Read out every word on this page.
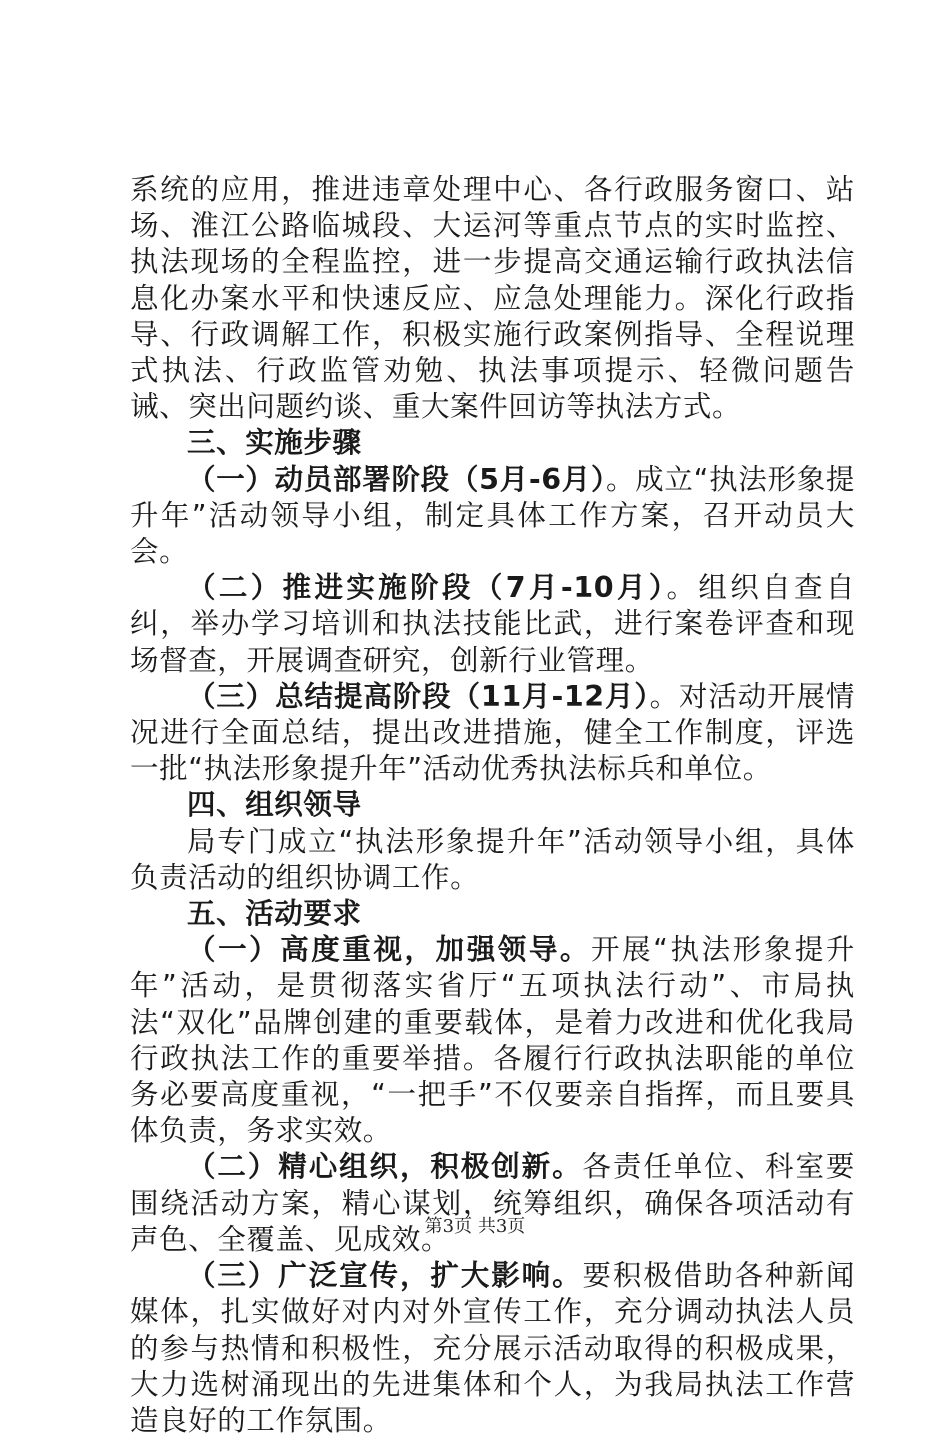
系统的应用，推进违章处理中心、各行政服务窗口、站场、淮江公路临城段、大运河等重点节点的实时监控、执法现场的全程监控，进一步提高交通运输行政执法信息化办案水平和快速反应、应急处理能力。深化行政指导、行政调解工作，积极实施行政案例指导、全程说理式执法、行政监管劝勉、执法事项提示、轻微问题告诫、突出问题约谈、重大案件回访等执法方式。

三、实施步骤

（一）动员部署阶段（5月-6月）。成立“执法形象提升年”活动领导小组，制定具体工作方案，召开动员大会。

（二）推进实施阶段（7月-10月）。组织自查自纠，举办学习培训和执法技能比武，进行案卷评查和现场督查，开展调查研究，创新行业管理。

（三）总结提高阶段（11月-12月）。对活动开展情况进行全面总结，提出改进措施，健全工作制度，评选一批“执法形象提升年”活动优秀执法标兵和单位。

四、组织领导

局专门成立“执法形象提升年”活动领导小组，具体负责活动的组织协调工作。

五、活动要求

（一）高度重视，加强领导。开展“执法形象提升年”活动，是贯彻落实省厅“五项执法行动”、市局执法“双化”品牌创建的重要载体，是着力改进和优化我局行政执法工作的重要举措。各履行行政执法职能的单位务必要高度重视，“一把手”不仅要亲自指挥，而且要具体负责，务求实效。

（二）精心组织，积极创新。各责任单位、科室要围绕活动方案，精心谋划，统筹组织，确保各项活动有声色、全覆盖、见成效。

（三）广泛宣传，扩大影响。要积极借助各种新闻媒体，扎实做好对内对外宣传工作，充分调动执法人员的参与热情和积极性，充分展示活动取得的积极成果，大力选树涌现出的先进集体和个人，为我局执法工作营造良好的工作氛围。

第3页 共3页
